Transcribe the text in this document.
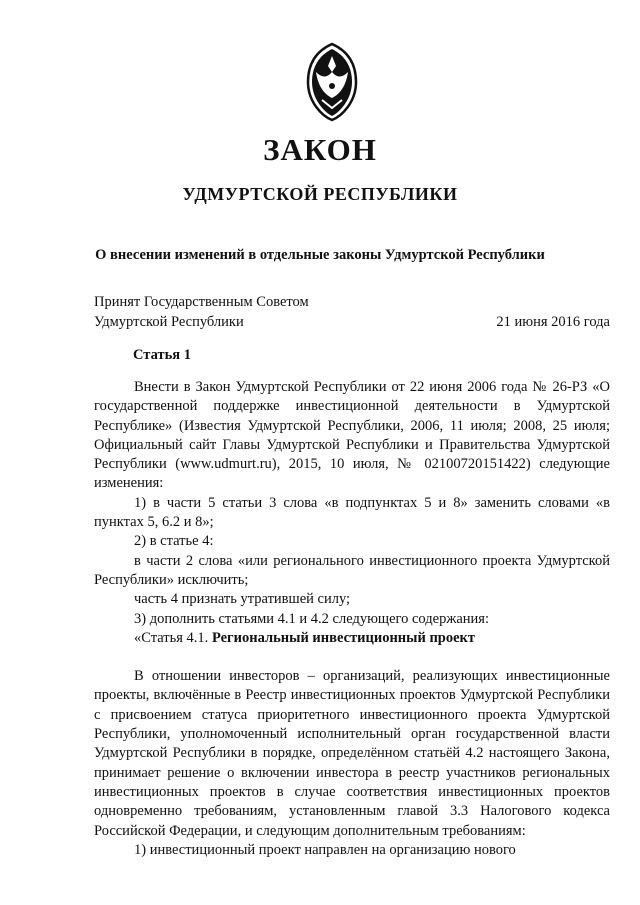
ЗАКОН
УДМУРТСКОЙ РЕСПУБЛИКИ
О внесении изменений в отдельные законы Удмуртской Республики
Принят Государственным Советом
Удмуртской Республики	21 июня 2016 года
Статья 1

Внести в Закон Удмуртской Республики от 22 июня 2006 года № 26-РЗ «О государственной поддержке инвестиционной деятельности в Удмуртской Республике» (Известия Удмуртской Республики, 2006, 11 июля; 2008, 25 июля; Официальный сайт Главы Удмуртской Республики и Правительства Удмуртской Республики (www.udmurt.ru), 2015, 10 июля, № 02100720151422) следующие изменения:

1) в части 5 статьи 3 слова «в подпунктах 5 и 8» заменить словами «в пунктах 5, 6.2 и 8»;

2) в статье 4:

в части 2 слова «или регионального инвестиционного проекта Удмуртской Республики» исключить;

часть 4 признать утратившей силу;

3) дополнить статьями 4.1 и 4.2 следующего содержания:

«Статья 4.1. Региональный инвестиционный проект

В отношении инвесторов – организаций, реализующих инвестиционные проекты, включённые в Реестр инвестиционных проектов Удмуртской Республики с присвоением статуса приоритетного инвестиционного проекта Удмуртской Республики, уполномоченный исполнительный орган государственной власти Удмуртской Республики в порядке, определённом статьёй 4.2 настоящего Закона, принимает решение о включении инвестора в реестр участников региональных инвестиционных проектов в случае соответствия инвестиционных проектов одновременно требованиям, установленным главой 3.3 Налогового кодекса Российской Федерации, и следующим дополнительным требованиям:

1) инвестиционный проект направлен на организацию нового
